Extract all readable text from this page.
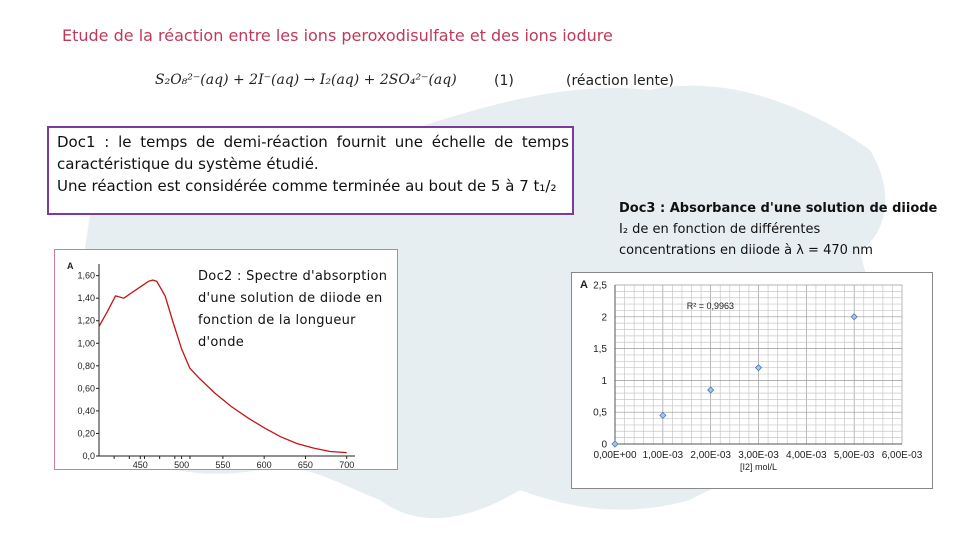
Etude de la réaction entre les ions peroxodisulfate et des ions iodure
S₂O₈²⁻(aq) + 2I⁻(aq) → I₂(aq) + 2SO₄²⁻(aq)	(1)	(réaction lente)

Doc1 : le temps de demi-réaction fournit une échelle de temps

caractéristique du système étudié.

Une réaction est considérée comme terminée au bout de 5 à 7 t₁/₂

450	500	550	600	650	700
A
0,0
0,20
0,40
0,60
0,80
1,00
1,20
1,40
1,60	Doc2 : Spectre d'absorption d'une solution de diiode en fonction de la longueur d'onde
Doc3 : Absorbance d'une solution de diiode
I₂ de en fonction de différentes
concentrations en diiode à λ = 470 nm
0
0,5
1
1,5
2
2,5
0,00E+00 1,00E-03 2,00E-03 3,00E-03 4,00E-03 5,00E-03 6,00E-03
A
[I2] mol/L
R² = 0,9963
